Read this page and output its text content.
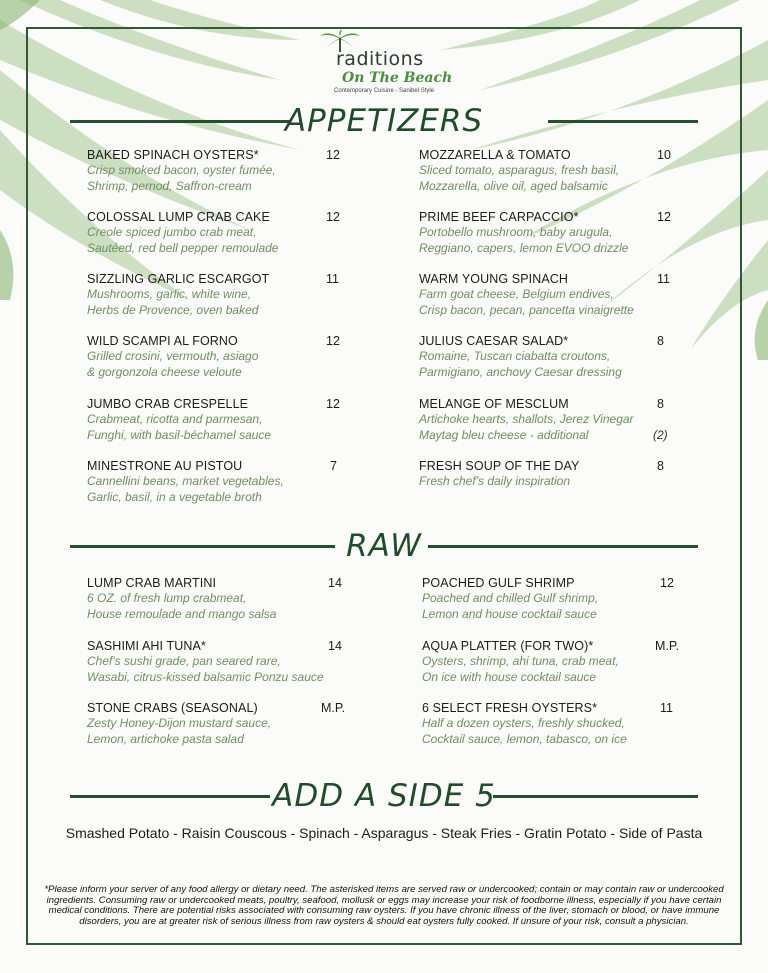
raditions
On The Beach
Contemporary Cuisine - Sanibel Style
APPETIZERS
BAKED SPINACH OYSTERS*
Crisp smoked bacon, oyster fumée,
Shrimp, pernod, Saffron-cream
12
COLOSSAL LUMP CRAB CAKE
Creole spiced jumbo crab meat,
Sautéed, red bell pepper remoulade
12
SIZZLING GARLIC ESCARGOT
Mushrooms, garlic, white wine,
Herbs de Provence, oven baked
11
WILD SCAMPI AL FORNO
Grilled crosini, vermouth, asiago
& gorgonzola cheese veloute
12
JUMBO CRAB CRESPELLE
Crabmeat, ricotta and parmesan,
Funghi, with basil-béchamel sauce
12
MINESTRONE AU PISTOU
Cannellini beans, market vegetables,
Garlic, basil, in a vegetable broth
7
MOZZARELLA & TOMATO
Sliced tomato, asparagus, fresh basil,
Mozzarella, olive oil, aged balsamic
10
PRIME BEEF CARPACCIO*
Portobello mushroom, baby arugula,
Reggiano, capers, lemon EVOO drizzle
12
WARM YOUNG SPINACH
Farm goat cheese, Belgium endives,
Crisp bacon, pecan, pancetta vinaigrette
11
JULIUS CAESAR SALAD*
Romaine, Tuscan ciabatta croutons,
Parmigiano, anchovy Caesar dressing
8
MELANGE OF MESCLUM
Artichoke hearts, shallots, Jerez Vinegar
Maytag bleu cheese - additional
8
(2)
FRESH SOUP OF THE DAY
Fresh chef's daily inspiration
8
RAW
LUMP CRAB MARTINI
6 OZ. of fresh lump crabmeat,
House remoulade and mango salsa
14
SASHIMI AHI TUNA*
Chef's sushi grade, pan seared rare,
Wasabi, citrus-kissed balsamic Ponzu sauce
14
STONE CRABS (SEASONAL)
Zesty Honey-Dijon mustard sauce,
Lemon, artichoke pasta salad
M.P.
POACHED GULF SHRIMP
Poached and chilled Gulf shrimp,
Lemon and house cocktail sauce
12
AQUA PLATTER (FOR TWO)*
Oysters, shrimp, ahi tuna, crab meat,
On ice with house cocktail sauce
M.P.
6 SELECT FRESH OYSTERS*
Half a dozen oysters, freshly shucked,
Cocktail sauce, lemon, tabasco, on ice
11
ADD A SIDE 5
Smashed Potato - Raisin Couscous - Spinach - Asparagus - Steak Fries - Gratin Potato - Side of Pasta
*Please inform your server of any food allergy or dietary need. The asterisked items are served raw or undercooked; contain or may contain raw or undercooked ingredients. Consuming raw or undercooked meats, poultry, seafood, mollusk or eggs may increase your risk of foodborne illness, especially if you have certain medical conditions. There are potential risks associated with consuming raw oysters. If you have chronic illness of the liver, stomach or blood, or have immune disorders, you are at greater risk of serious illness from raw oysters & should eat oysters fully cooked. If unsure of your risk, consult a physician.
